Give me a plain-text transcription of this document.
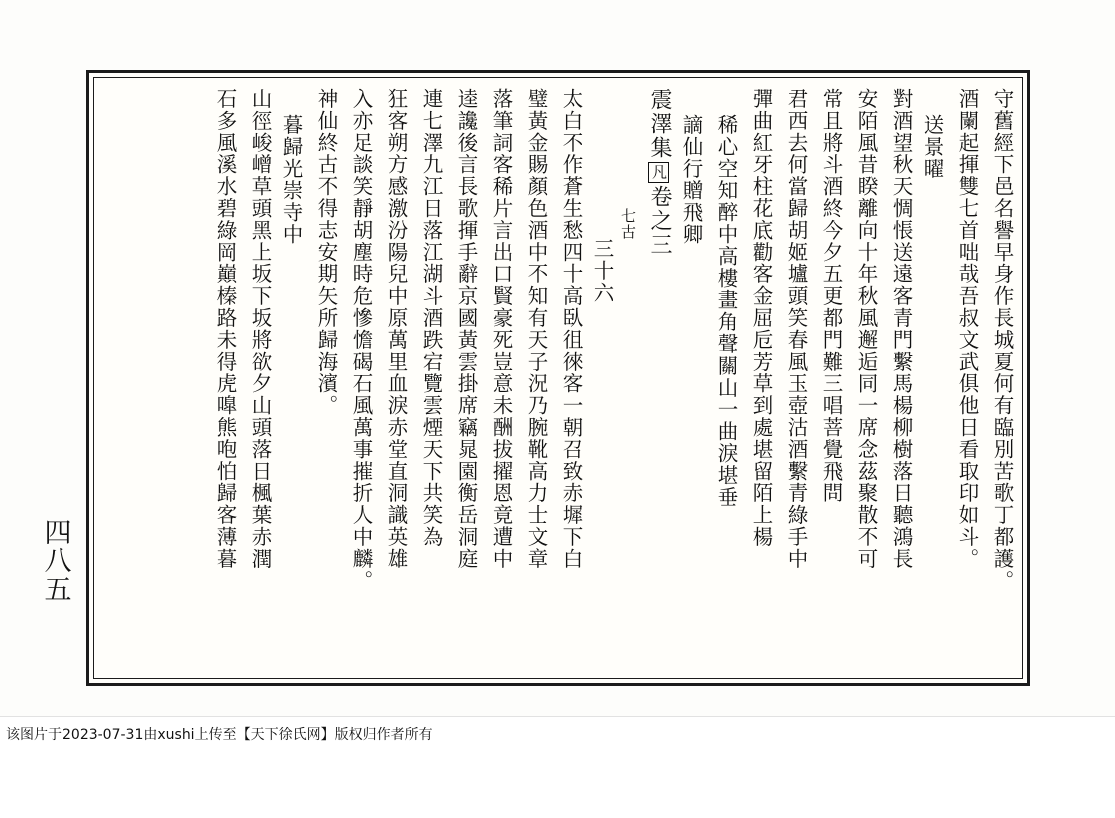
四
八
五	守舊經下邑名譽早身作長城夏何有臨別苦歌丁都護。
酒闌起揮雙七首咄哉吾叔文武俱他日看取印如斗。
送景曜
對酒望秋天惆悵送遠客青門繫馬楊柳樹落日聽鴻長
安陌風昔睽離向十年秋風邂逅同一席念茲聚散不可
常且將斗酒終今夕五更都門難三唱菩覺飛問
君西去何當歸胡姬壚頭笑春風玉壺沽酒繫青綠手中
彈曲紅牙柱花底勸客金屈卮芳草到處堪留陌上楊
稀心空知醉中高樓畫角聲關山一曲淚堪垂
謫仙行贈飛卿
震澤集凡卷之三
七古
三十六
太白不作蒼生愁四十高臥徂徠客一朝召致赤墀下白
璧黃金賜顏色酒中不知有天子況乃腕靴高力士文章
落筆詞客稀片言出口賢豪死豈意未酬拔擢恩竟遭中
逵讒後言長歌揮手辭京國黃雲掛席竊晁園衡岳洞庭
連七澤九江日落江湖斗酒跌宕覽雲煙天下共笑為
狂客朔方感激汾陽兒中原萬里血淚赤堂直洞識英雄
入亦足談笑靜胡塵時危慘憺碣石風萬事摧折人中麟。
神仙終古不得志安期矢所歸海濱。
暮歸光崇寺中
山徑峻嶒草頭黑上坂下坂將欲夕山頭落日楓葉赤潤
石多風溪水碧綠岡巔榛路未得虎嘷熊咆怕歸客薄暮
该图片于2023-07-31由xushi上传至【天下徐氏网】版权归作者所有
